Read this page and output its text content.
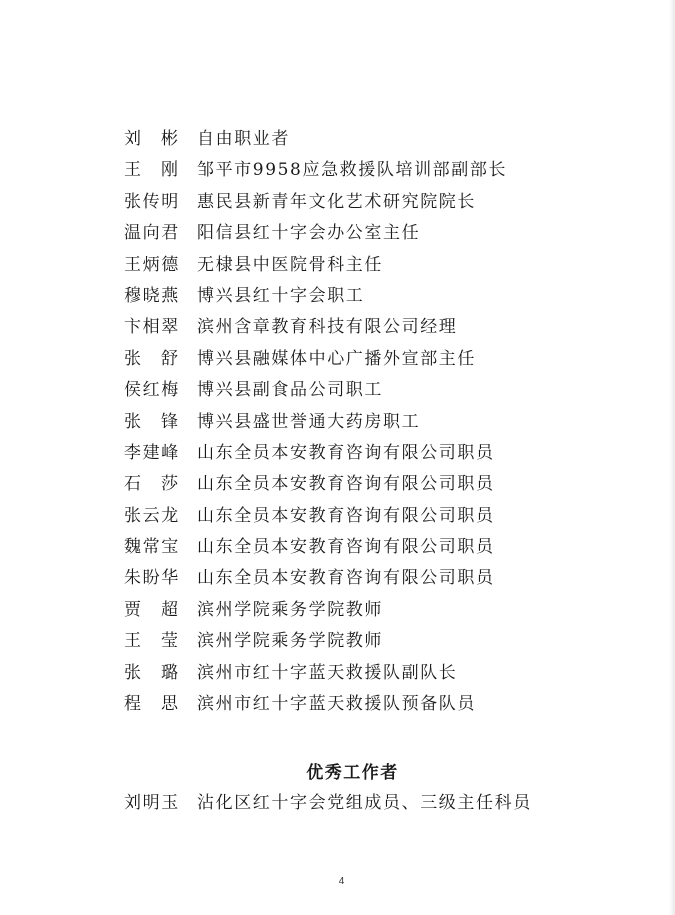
刘彬 自由职业者
王刚 邹平市9958应急救援队培训部副部长
张传明	惠民县新青年文化艺术研究院院长
温向君	阳信县红十字会办公室主任
王炳德	无棣县中医院骨科主任
穆晓燕	博兴县红十字会职工
卞相翠	滨州含章教育科技有限公司经理
张舒 博兴县融媒体中心广播外宣部主任
侯红梅	博兴县副食品公司职工
张锋 博兴县盛世誉通大药房职工
李建峰	山东全员本安教育咨询有限公司职员
石莎 山东全员本安教育咨询有限公司职员
张云龙	山东全员本安教育咨询有限公司职员
魏常宝	山东全员本安教育咨询有限公司职员
朱盼华	山东全员本安教育咨询有限公司职员
贾超 滨州学院乘务学院教师
王莹 滨州学院乘务学院教师
张璐 滨州市红十字蓝天救援队副队长
程思 滨州市红十字蓝天救援队预备队员
优秀工作者
刘明玉	沾化区红十字会党组成员、三级主任科员
4
